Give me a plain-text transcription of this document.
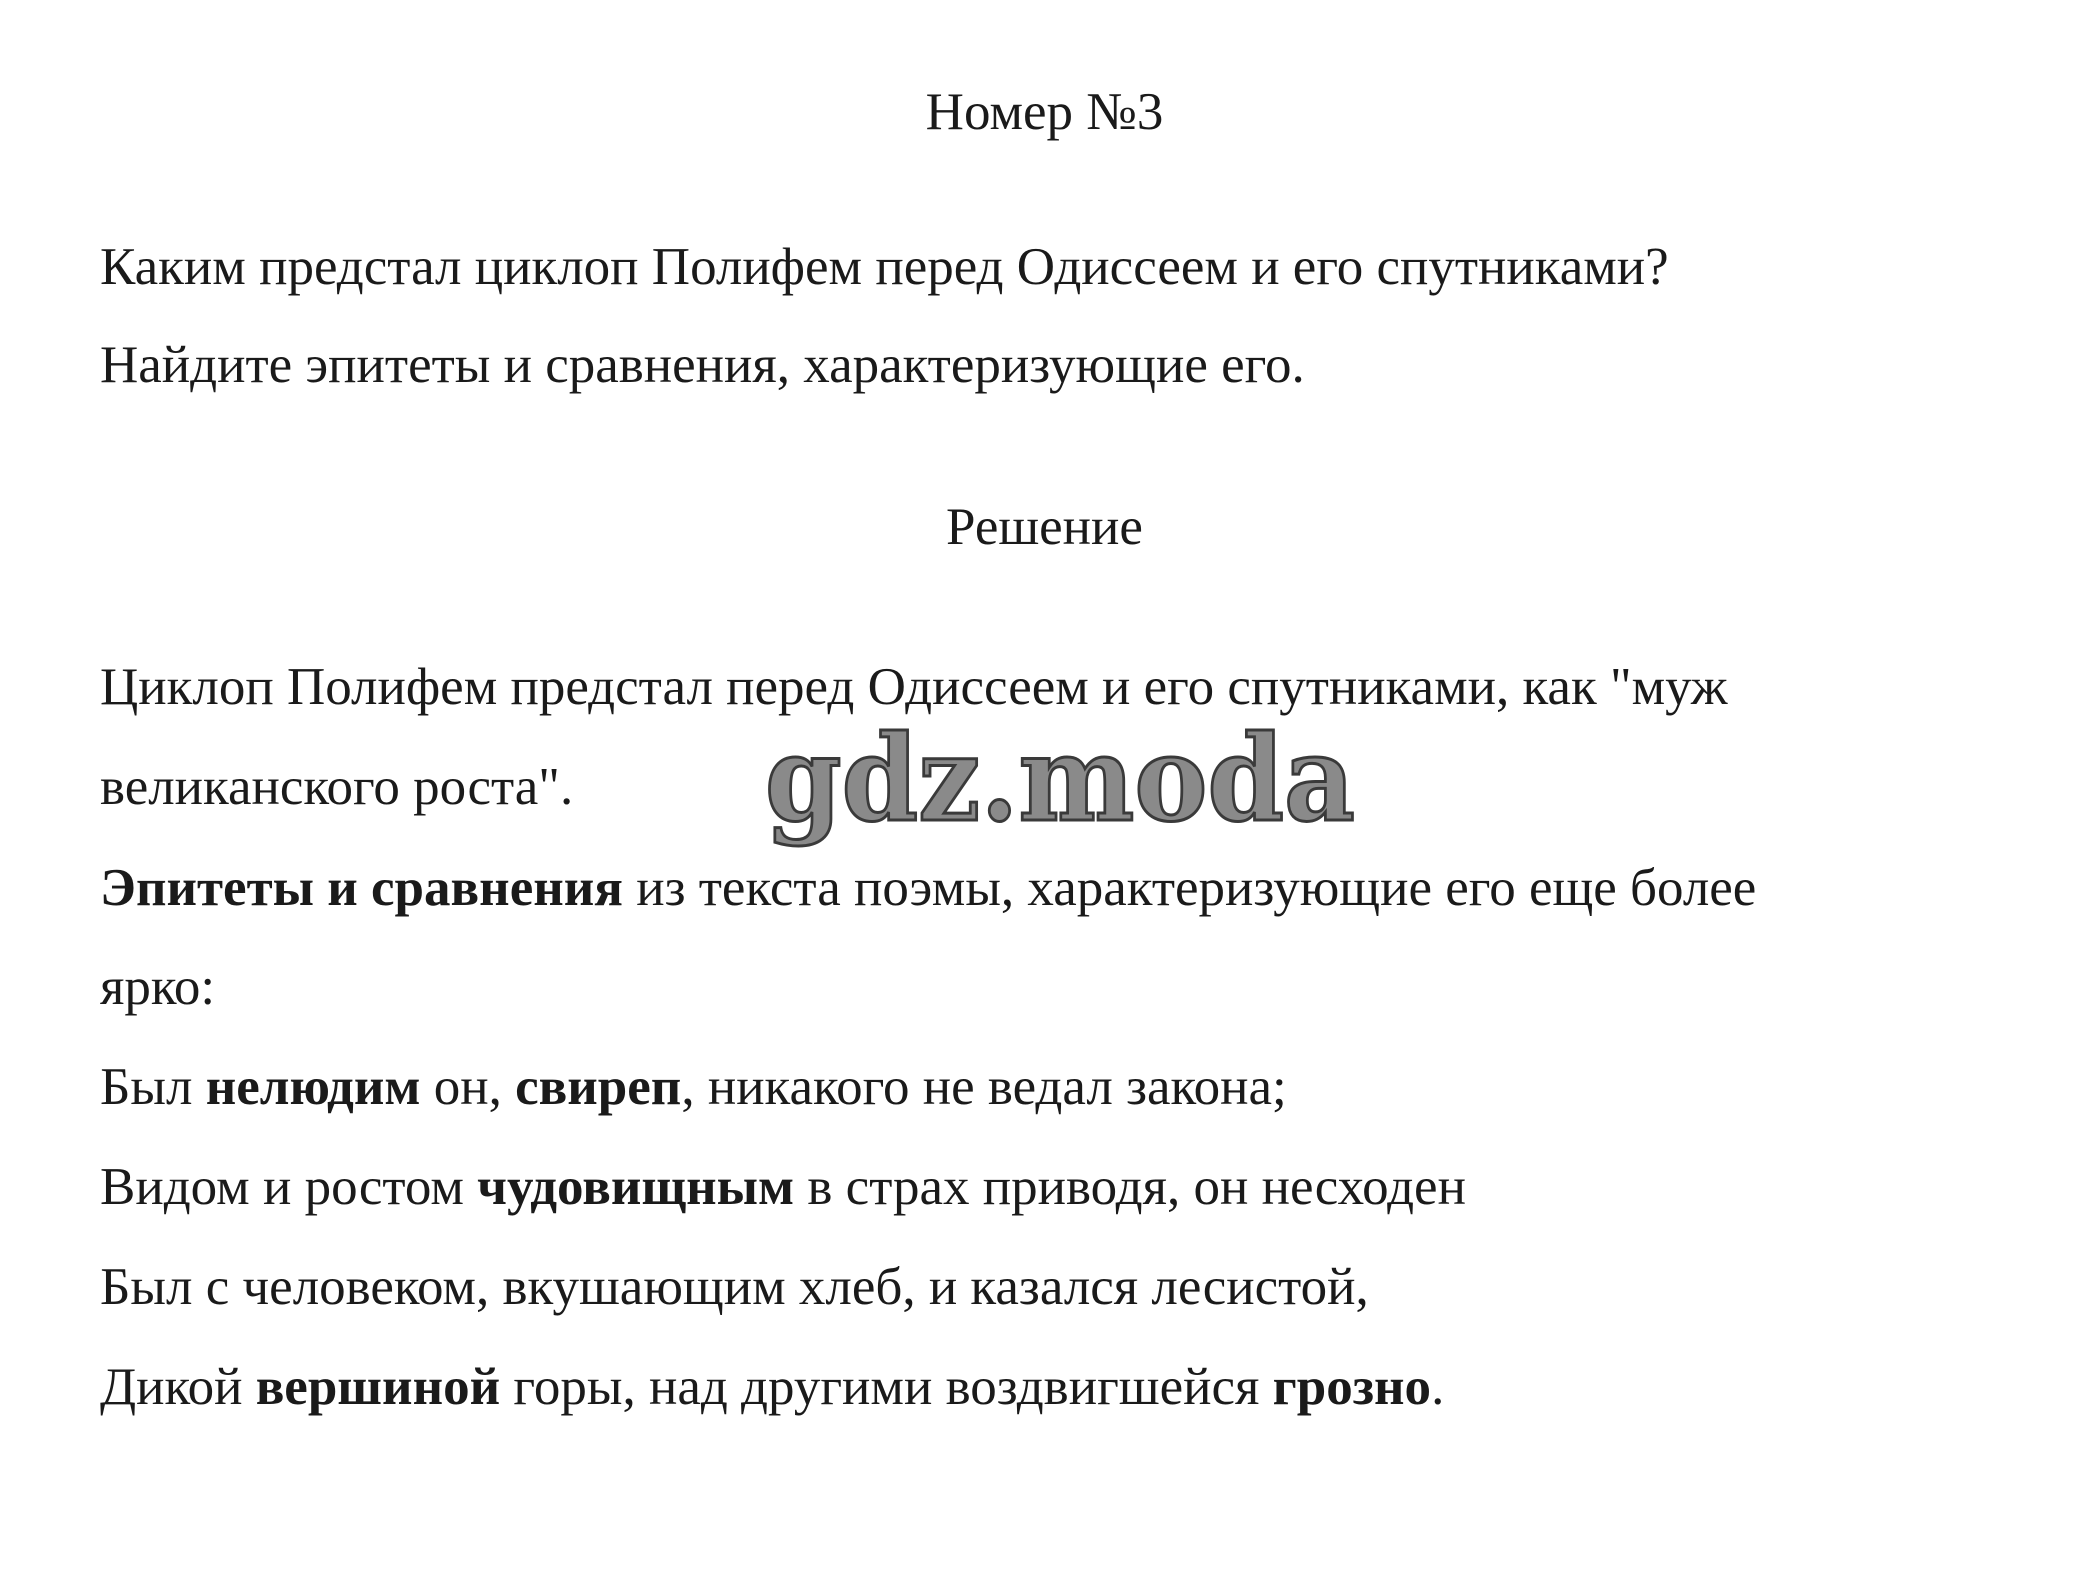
Номер №3
Каким предстал циклоп Полифем перед Одиссеем и его спутниками?
Найдите эпитеты и сравнения, характеризующие его.
Решение
Циклоп Полифем предстал перед Одиссеем и его спутниками, как "муж
великанского роста".
Эпитеты и сравнения из текста поэмы, характеризующие его еще более
ярко:
Был нелюдим он, свиреп, никакого не ведал закона;
Видом и ростом чудовищным в страх приводя, он несходен
Был с человеком, вкушающим хлеб, и казался лесистой,
Дикой вершиной горы, над другими воздвигшейся грозно.
gdz.moda
